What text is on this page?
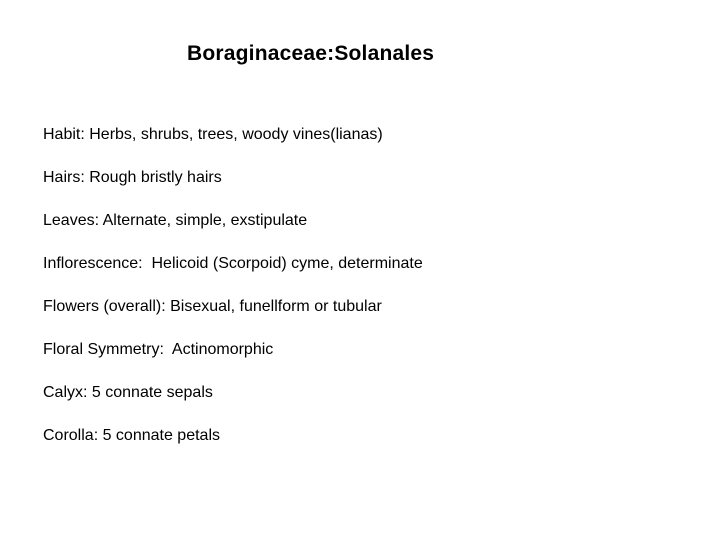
Boraginaceae:Solanales
Habit: Herbs, shrubs, trees, woody vines(lianas)
Hairs: Rough bristly hairs
Leaves: Alternate, simple, exstipulate
Inflorescence:  Helicoid (Scorpoid) cyme, determinate
Flowers (overall): Bisexual, funellform or tubular
Floral Symmetry:  Actinomorphic
Calyx: 5 connate sepals
Corolla: 5 connate petals
